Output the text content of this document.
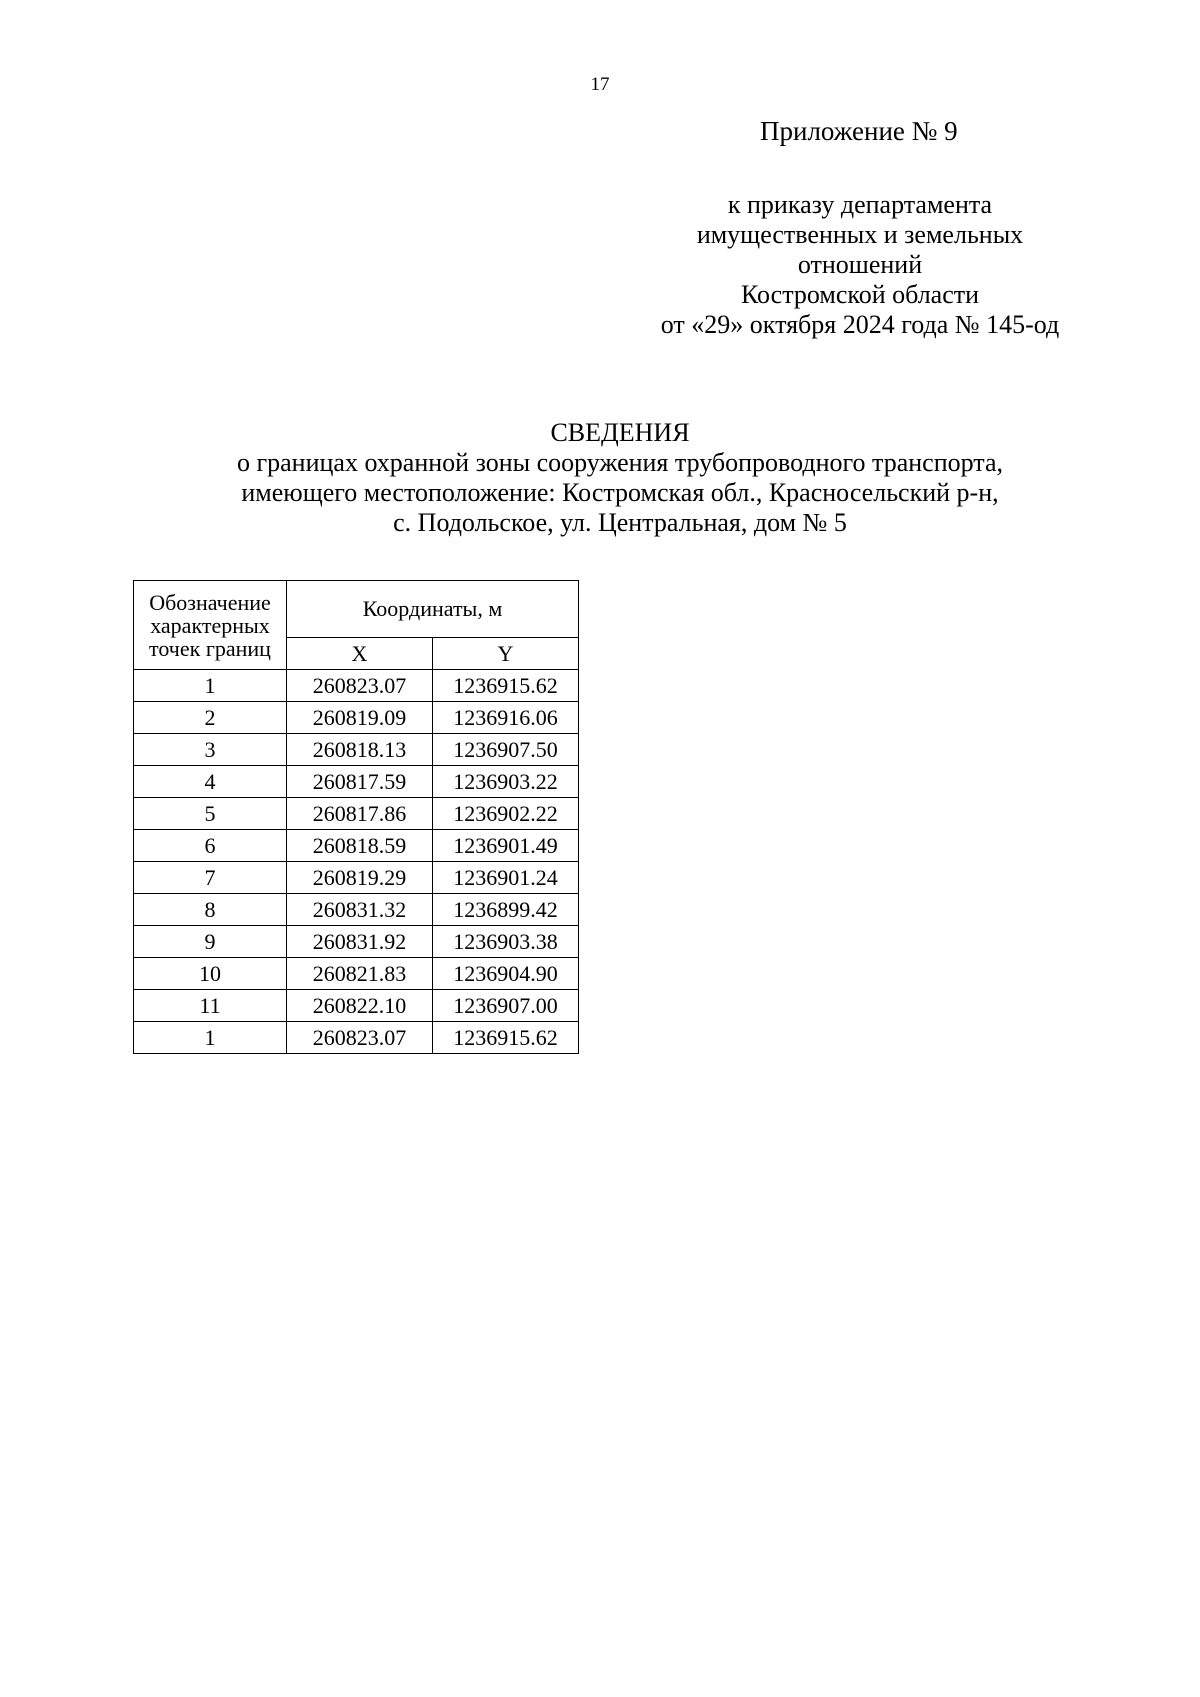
17
Приложение № 9
к приказу департамента
имущественных и земельных
отношений
Костромской области
от «29» октября 2024 года № 145-од
СВЕДЕНИЯ
о границах охранной зоны сооружения трубопроводного транспорта,
имеющего местоположение: Костромская обл., Красносельский р-н,
с. Подольское, ул. Центральная, дом № 5
Обозначение
характерных
точек границ	Координаты, м	
	X	Y
1	260823.07	1236915.62
2	260819.09	1236916.06
3	260818.13	1236907.50
4	260817.59	1236903.22
5	260817.86	1236902.22
6	260818.59	1236901.49
7	260819.29	1236901.24
8	260831.32	1236899.42
9	260831.92	1236903.38
10	260821.83	1236904.90
11	260822.10	1236907.00
1	260823.07	1236915.62
